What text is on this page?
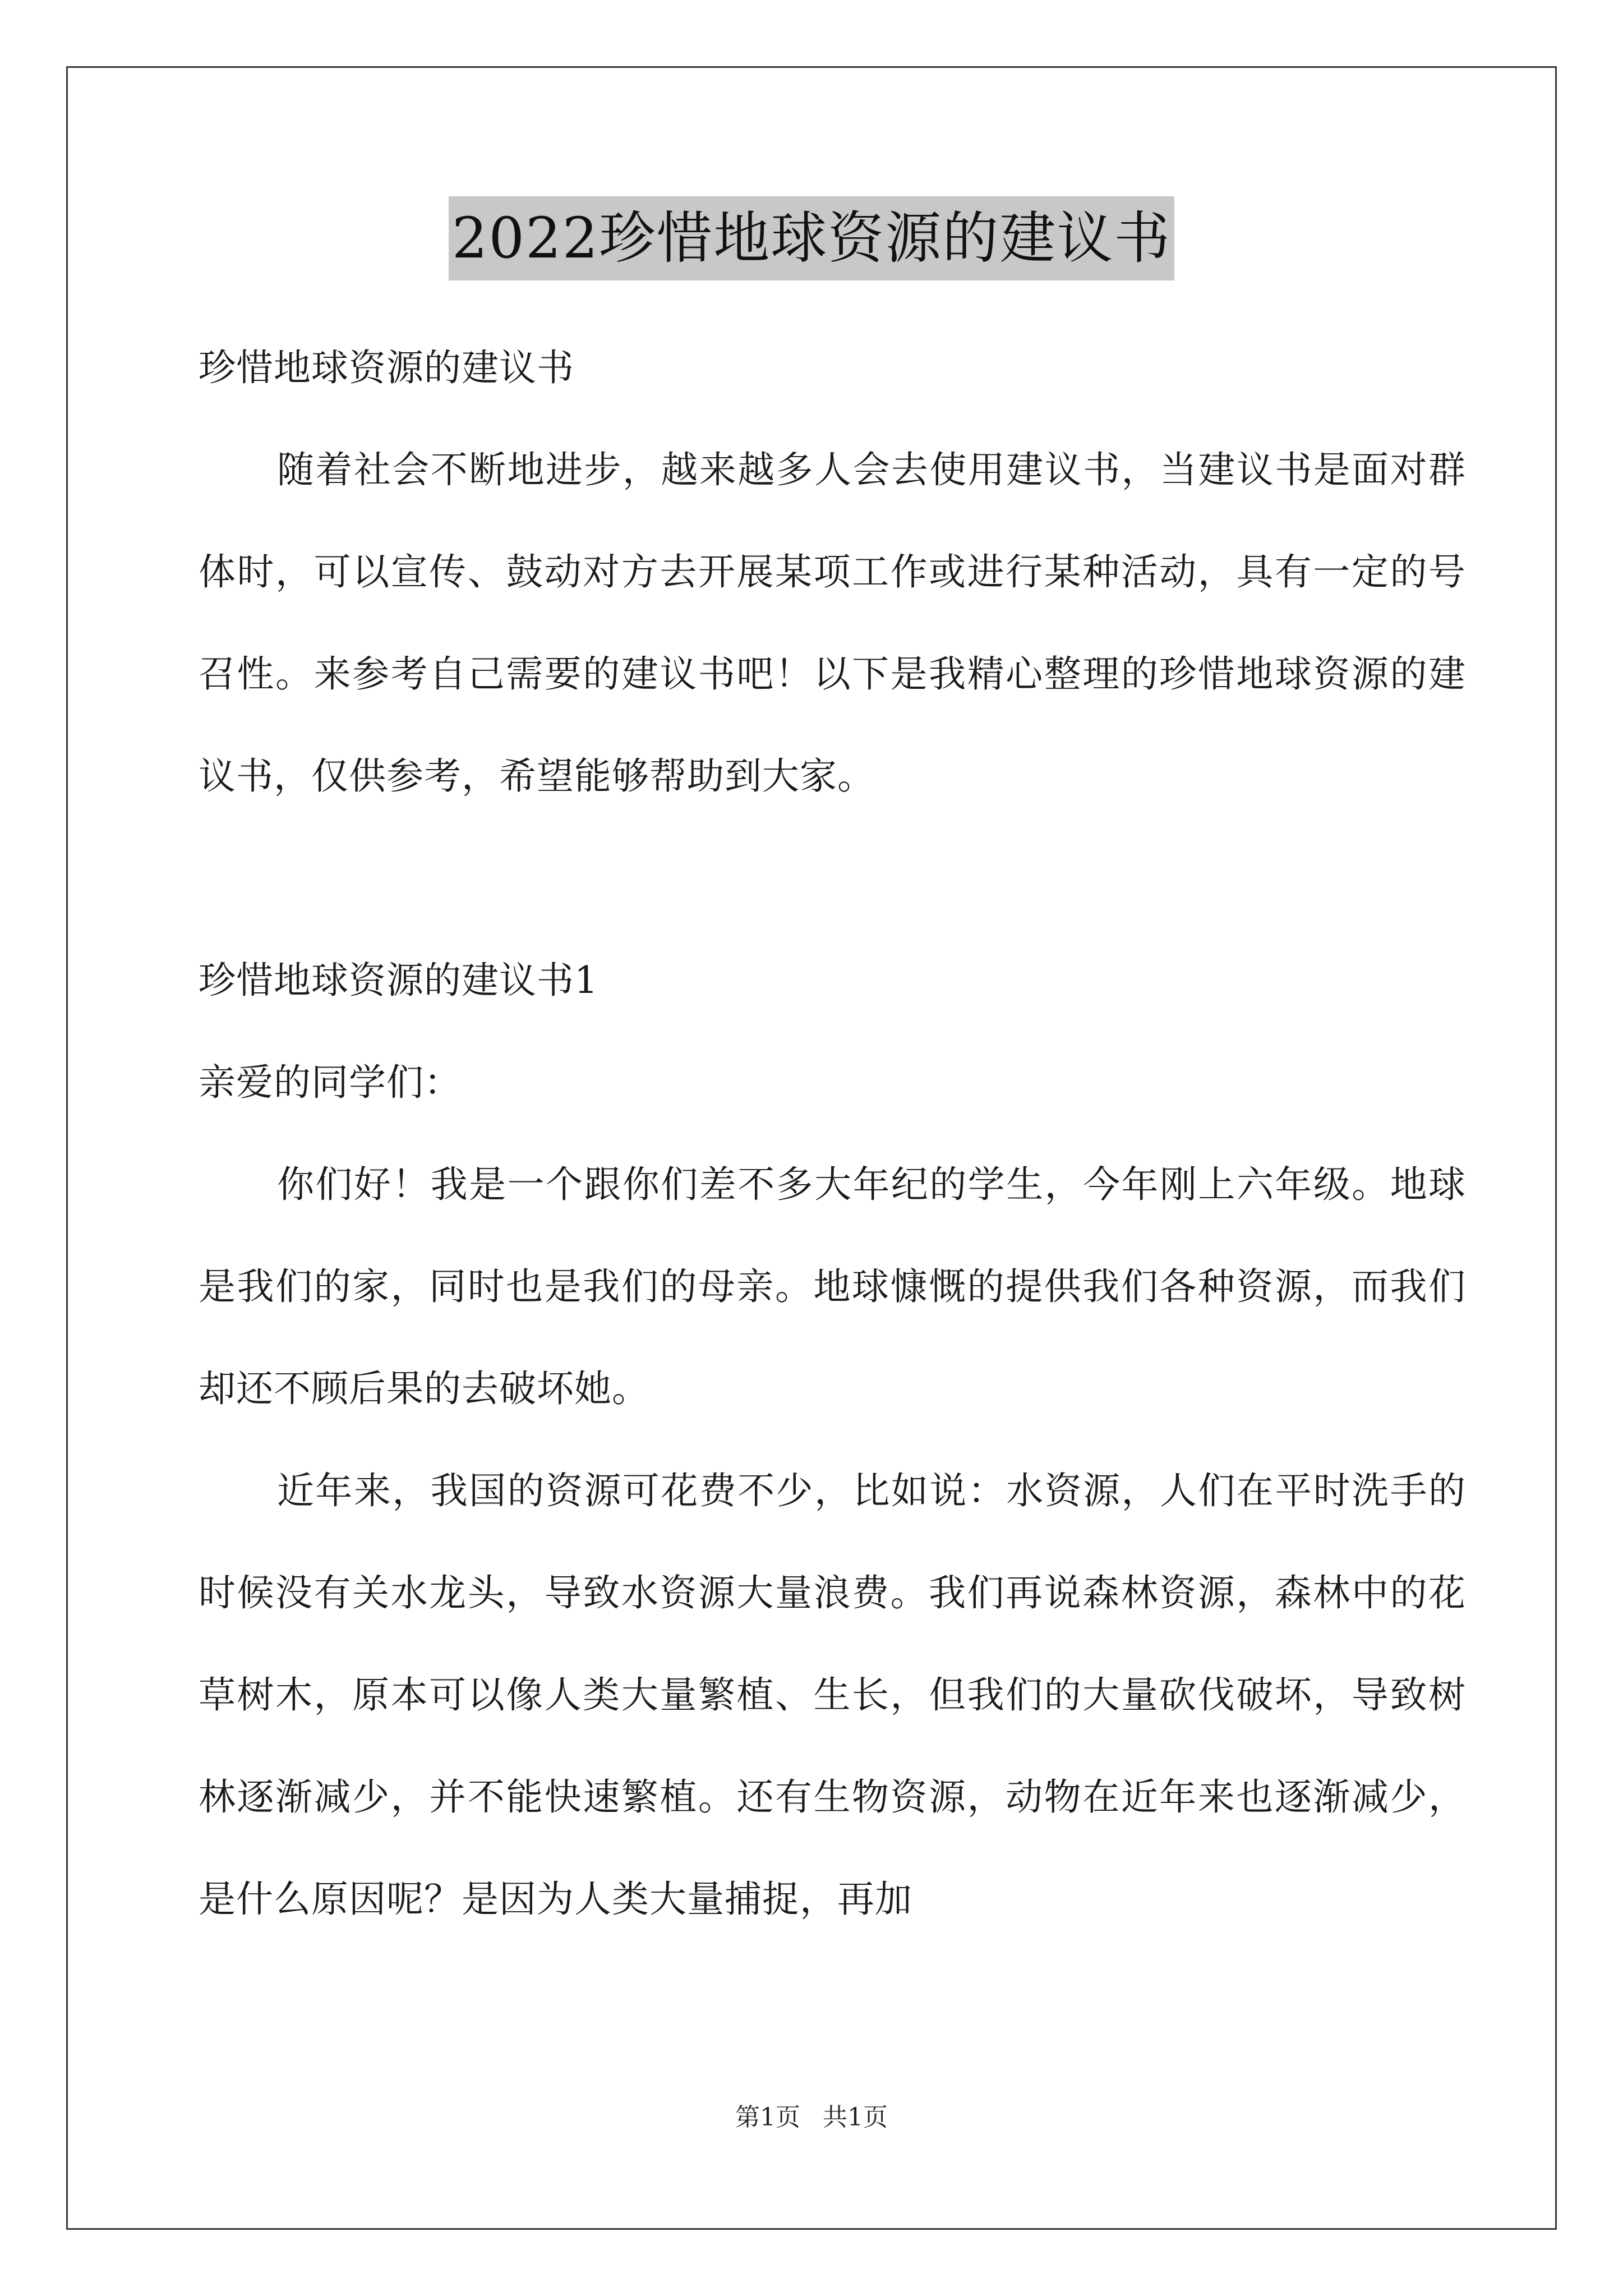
2022珍惜地球资源的建议书

珍惜地球资源的建议书

随着社会不断地进步，越来越多人会去使用建议书，当建议书是面对群体时，可以宣传、鼓动对方去开展某项工作或进行某种活动，具有一定的号召性。来参考自己需要的建议书吧！以下是我精心整理的珍惜地球资源的建议书，仅供参考，希望能够帮助到大家。

珍惜地球资源的建议书1

亲爱的同学们：

你们好！我是一个跟你们差不多大年纪的学生，今年刚上六年级。地球是我们的家，同时也是我们的母亲。地球慷慨的提供我们各种资源，而我们却还不顾后果的去破坏她。

近年来，我国的资源可花费不少，比如说：水资源，人们在平时洗手的时候没有关水龙头，导致水资源大量浪费。我们再说森林资源，森林中的花草树木，原本可以像人类大量繁植、生长，但我们的大量砍伐破坏，导致树林逐渐减少，并不能快速繁植。还有生物资源，动物在近年来也逐渐减少，是什么原因呢？是因为人类大量捕捉，再加

第1页 共1页
